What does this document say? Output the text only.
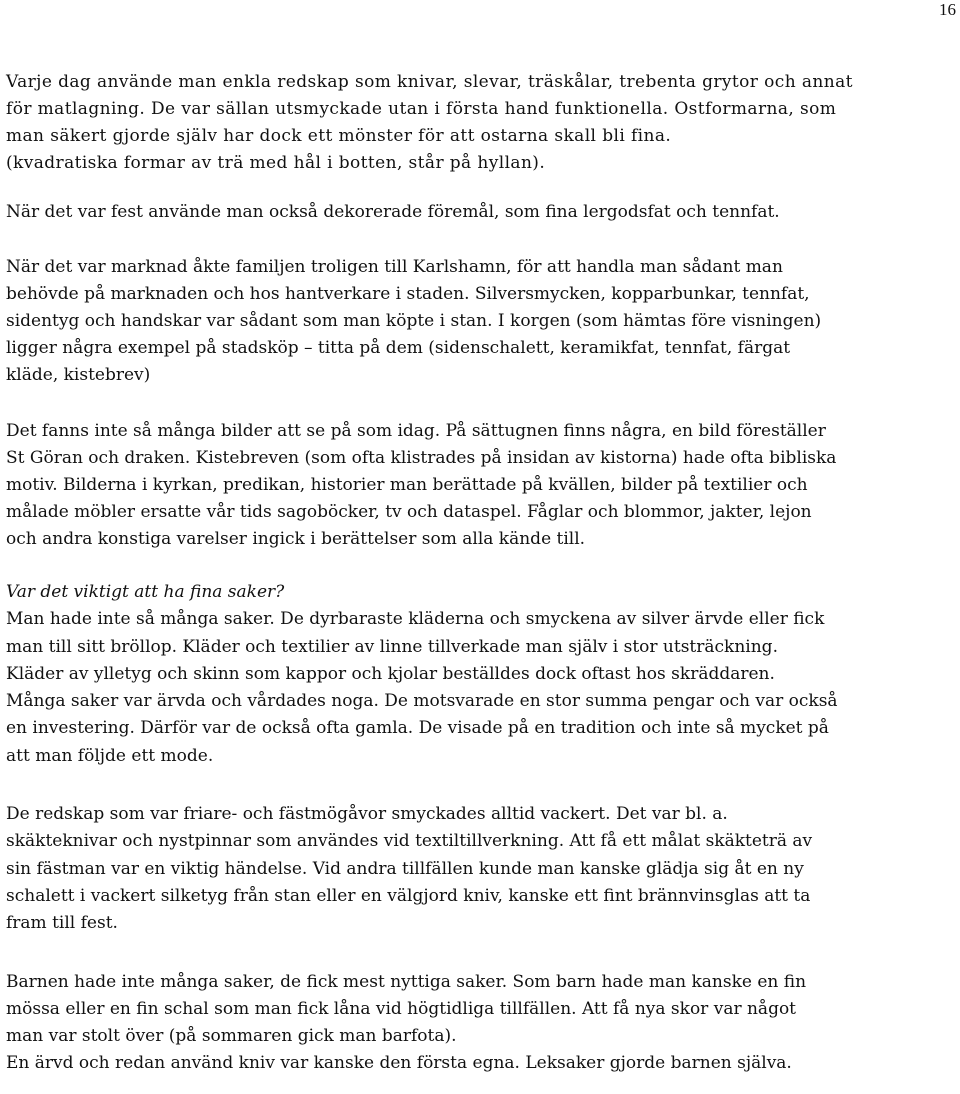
16

Varje dag använde man enkla redskap som knivar, slevar, träskålar, trebenta grytor och annat
för matlagning. De var sällan utsmyckade utan i första hand funktionella. Ostformarna, som
man säkert gjorde själv har dock ett mönster för att ostarna skall bli fina.
(kvadratiska formar av trä med hål i botten, står på hyllan).

När det var fest använde man också dekorerade föremål, som fina lergodsfat och tennfat.

När det var marknad åkte familjen troligen till Karlshamn, för att handla man sådant man
behövde på marknaden och hos hantverkare i staden. Silversmycken, kopparbunkar, tennfat,
sidentyg och handskar var sådant som man köpte i stan. I korgen (som hämtas före visningen)
ligger några exempel på stadsköp – titta på dem (sidenschalett, keramikfat, tennfat, färgat
kläde, kistebrev)

Det fanns inte så många bilder att se på som idag. På sättugnen finns några, en bild föreställer
St Göran och draken. Kistebreven (som ofta klistrades på insidan av kistorna) hade ofta bibliska
motiv. Bilderna i kyrkan, predikan, historier man berättade på kvällen, bilder på textilier och
målade möbler ersatte vår tids sagoböcker, tv och dataspel. Fåglar och blommor, jakter, lejon
och andra konstiga varelser ingick i berättelser som alla kände till.

Var det viktigt att ha fina saker?
Man hade inte så många saker. De dyrbaraste kläderna och smyckena av silver ärvde eller fick
man till sitt bröllop. Kläder och textilier av linne tillverkade man själv i stor utsträckning.
Kläder av ylletyg och skinn som kappor och kjolar beställdes dock oftast hos skräddaren.
Många saker var ärvda och vårdades noga. De motsvarade en stor summa pengar och var också
en investering. Därför var de också ofta gamla. De visade på en tradition och inte så mycket på
att man följde ett mode.

De redskap som var friare- och fästmögåvor smyckades alltid vackert. Det var bl. a.
skäkteknivar och nystpinnar som användes vid textiltillverkning. Att få ett målat skäkteträ av
sin fästman var en viktig händelse. Vid andra tillfällen kunde man kanske glädja sig åt en ny
schalett i vackert silketyg från stan eller en välgjord kniv, kanske ett fint brännvinsglas att ta
fram till fest.

Barnen hade inte många saker, de fick mest nyttiga saker. Som barn hade man kanske en fin
mössa eller en fin schal som man fick låna vid högtidliga tillfällen. Att få nya skor var något
man var stolt över (på sommaren gick man barfota).
En ärvd och redan använd kniv var kanske den första egna. Leksaker gjorde barnen själva.
